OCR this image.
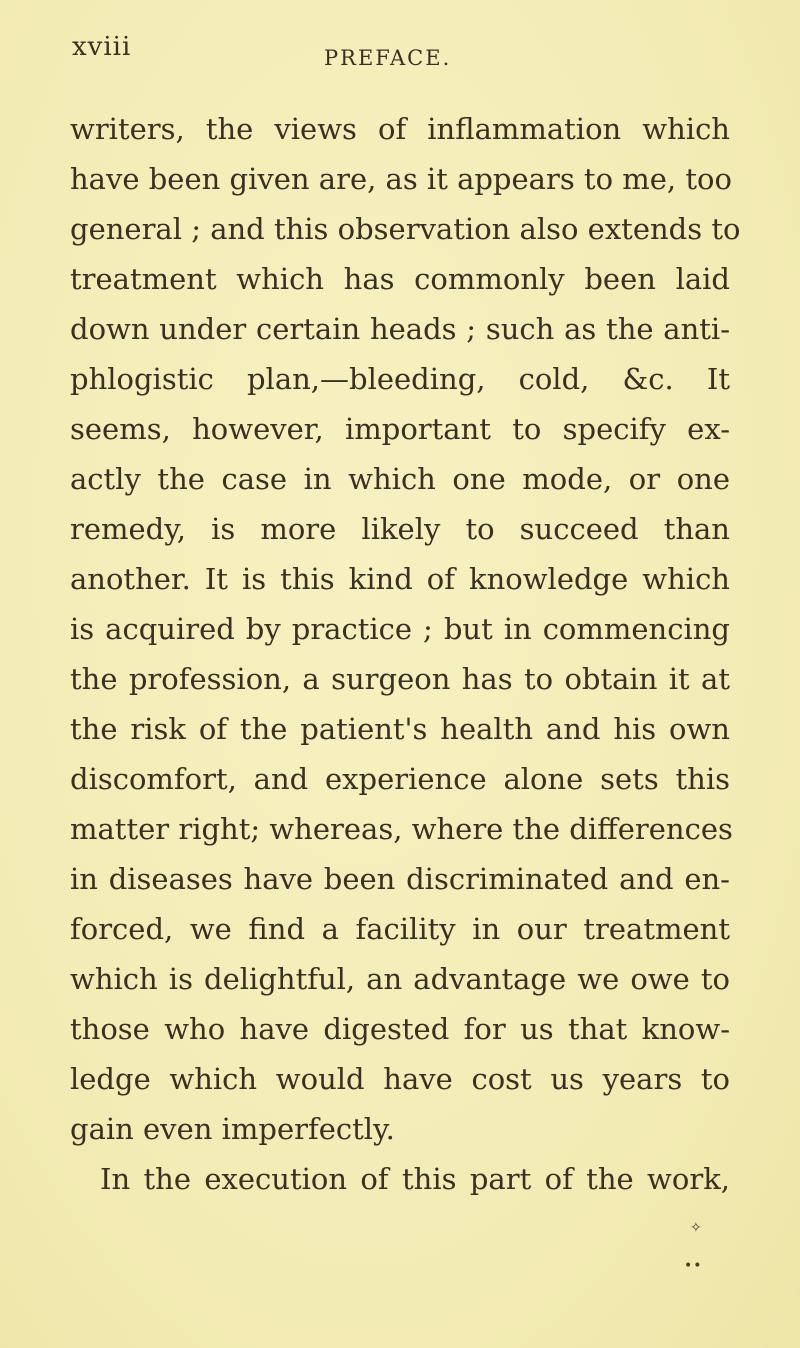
xviii	PREFACE.
writers, the views of inflammation which
have been given are, as it appears to me, too
general ; and this observation also extends to
treatment which has commonly been laid
down under certain heads ; such as the anti-
phlogistic plan,—bleeding, cold, &c. It
seems, however, important to specify ex-
actly the case in which one mode, or one
remedy, is more likely to succeed than
another. It is this kind of knowledge which
is acquired by practice ; but in commencing
the profession, a surgeon has to obtain it at
the risk of the patient's health and his own
discomfort, and experience alone sets this
matter right; whereas, where the differences
in diseases have been discriminated and en-
forced, we find a facility in our treatment
which is delightful, an advantage we owe to
those who have digested for us that know-
ledge which would have cost us years to
gain even imperfectly.
In the execution of this part of the work,
✧
••
